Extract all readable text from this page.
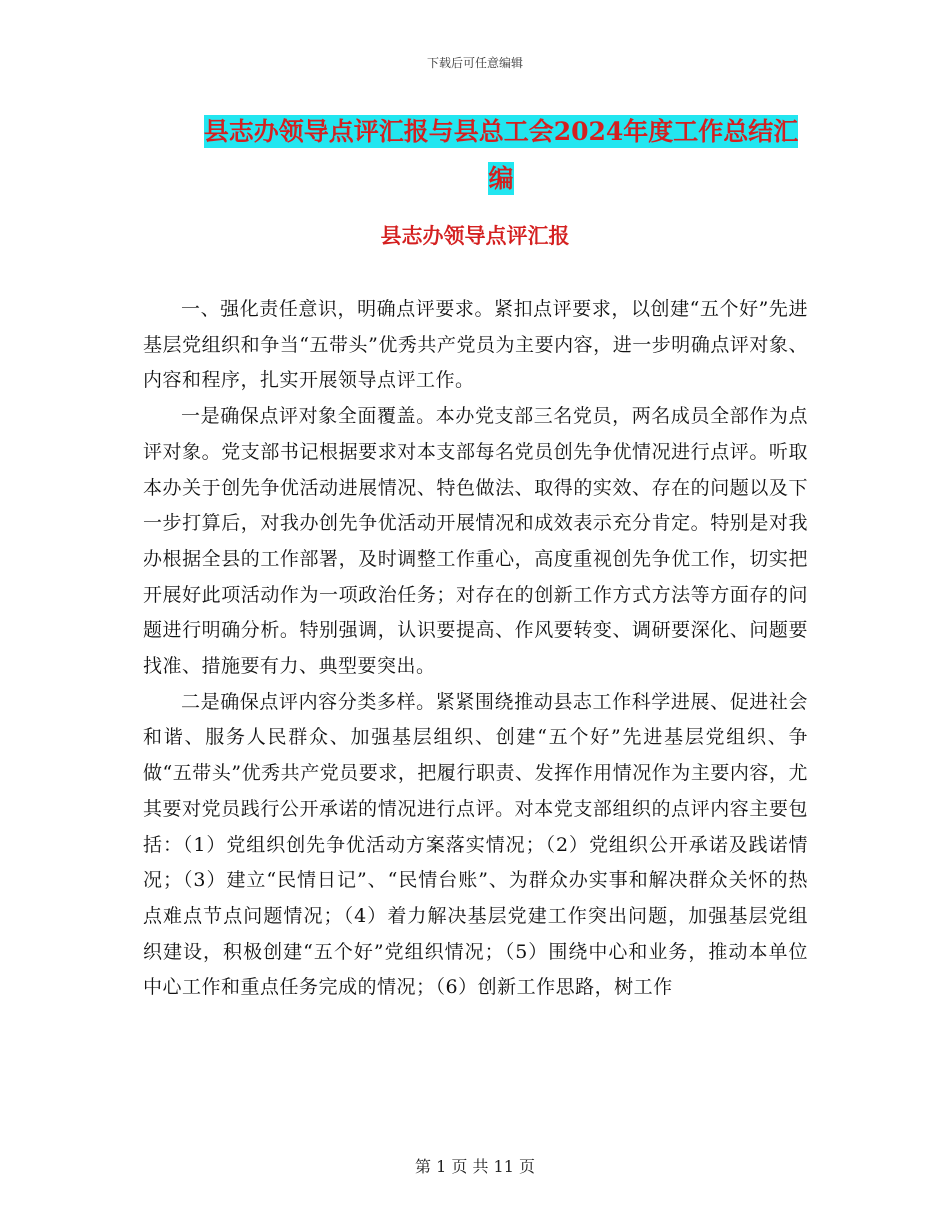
下载后可任意编辑
县志办领导点评汇报与县总工会2024年度工作总结汇
编
县志办领导点评汇报

一、强化责任意识，明确点评要求。紧扣点评要求，以创建“五个好”先进基层党组织和争当“五带头”优秀共产党员为主要内容，进一步明确点评对象、内容和程序，扎实开展领导点评工作。

一是确保点评对象全面覆盖。本办党支部三名党员，两名成员全部作为点评对象。党支部书记根据要求对本支部每名党员创先争优情况进行点评。听取本办关于创先争优活动进展情况、特色做法、取得的实效、存在的问题以及下一步打算后，对我办创先争优活动开展情况和成效表示充分肯定。特别是对我办根据全县的工作部署，及时调整工作重心，高度重视创先争优工作，切实把开展好此项活动作为一项政治任务；对存在的创新工作方式方法等方面存的问题进行明确分析。特别强调，认识要提高、作风要转变、调研要深化、问题要找准、措施要有力、典型要突出。

二是确保点评内容分类多样。紧紧围绕推动县志工作科学进展、促进社会和谐、服务人民群众、加强基层组织、创建“五个好”先进基层党组织、争做“五带头”优秀共产党员要求，把履行职责、发挥作用情况作为主要内容，尤其要对党员践行公开承诺的情况进行点评。对本党支部组织的点评内容主要包括：（1）党组织创先争优活动方案落实情况；（2）党组织公开承诺及践诺情况；（3）建立“民情日记”、“民情台账”、为群众办实事和解决群众关怀的热点难点节点问题情况；（4）着力解决基层党建工作突出问题，加强基层党组织建设，积极创建“五个好”党组织情况；（5）围绕中心和业务，推动本单位中心工作和重点任务完成的情况；（6）创新工作思路，树工作

第 1 页 共 11 页
